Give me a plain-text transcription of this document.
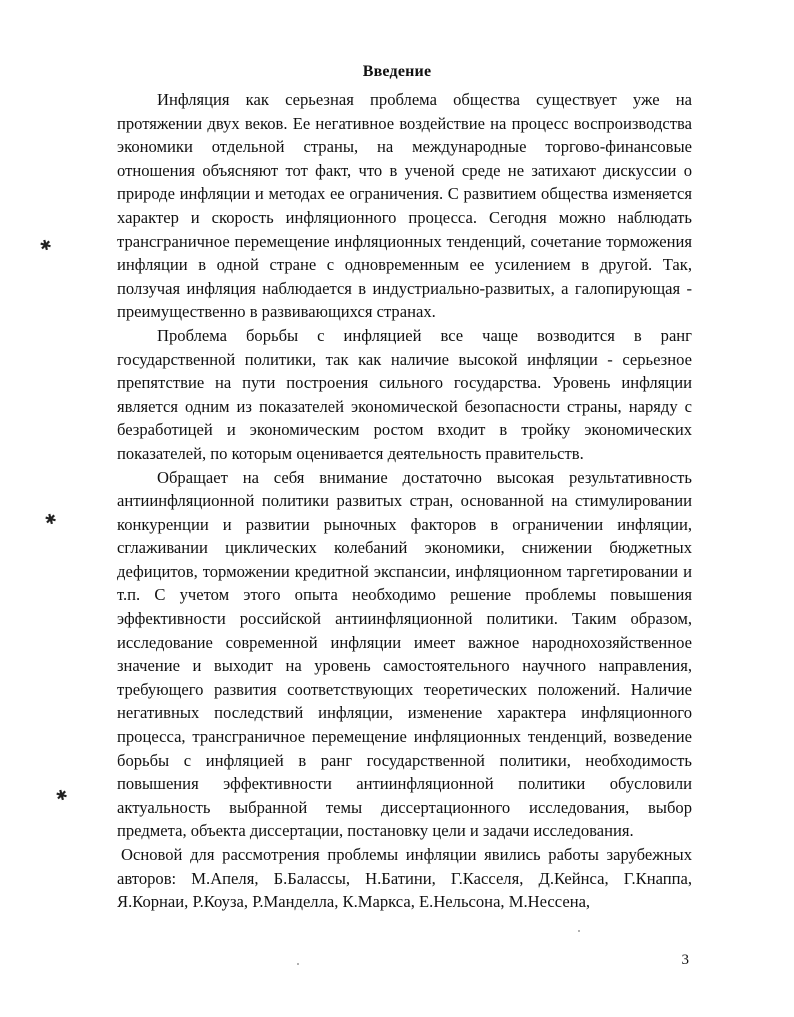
Введение

Инфляция как серьезная проблема общества существует уже на протяжении двух веков. Ее негативное воздействие на процесс воспроизводства экономики отдельной страны, на международные торгово-финансовые отношения объясняют тот факт, что в ученой среде не затихают дискуссии о природе инфляции и методах ее ограничения. С развитием общества изменяется характер и скорость инфляционного процесса. Сегодня можно наблюдать трансграничное перемещение инфляционных тенденций, сочетание торможения инфляции в одной стране с одновременным ее усилением в другой. Так, ползучая инфляция наблюдается в индустриально-развитых, а галопирующая - преимущественно в развивающихся странах.

Проблема борьбы с инфляцией все чаще возводится в ранг государственной политики, так как наличие высокой инфляции - серьезное препятствие на пути построения сильного государства. Уровень инфляции является одним из показателей экономической безопасности страны, наряду с безработицей и экономическим ростом входит в тройку экономических показателей, по которым оценивается деятельность правительств.

Обращает на себя внимание достаточно высокая результативность антиинфляционной политики развитых стран, основанной на стимулировании конкуренции и развитии рыночных факторов в ограничении инфляции, сглаживании циклических колебаний экономики, снижении бюджетных дефицитов, торможении кредитной экспансии, инфляционном таргетировании и т.п. С учетом этого опыта необходимо решение проблемы повышения эффективности российской антиинфляционной политики. Таким образом, исследование современной инфляции имеет важное народнохозяйственное значение и выходит на уровень самостоятельного научного направления, требующего развития соответствующих теоретических положений. Наличие негативных последствий инфляции, изменение характера инфляционного процесса, трансграничное перемещение инфляционных тенденций, возведение борьбы с инфляцией в ранг государственной политики, необходимость повышения эффективности антиинфляционной политики обусловили актуальность выбранной темы диссертационного исследования, выбор предмета, объекта диссертации, постановку цели и задачи исследования.

Основой для рассмотрения проблемы инфляции явились работы зарубежных авторов: М.Апеля, Б.Балассы, Н.Батини, Г.Касселя, Д.Кейнса, Г.Кнаппа, Я.Корнаи, Р.Коуза, Р.Манделла, К.Маркса, Е.Нельсона, М.Нессена,

3
✱
✱
✱
